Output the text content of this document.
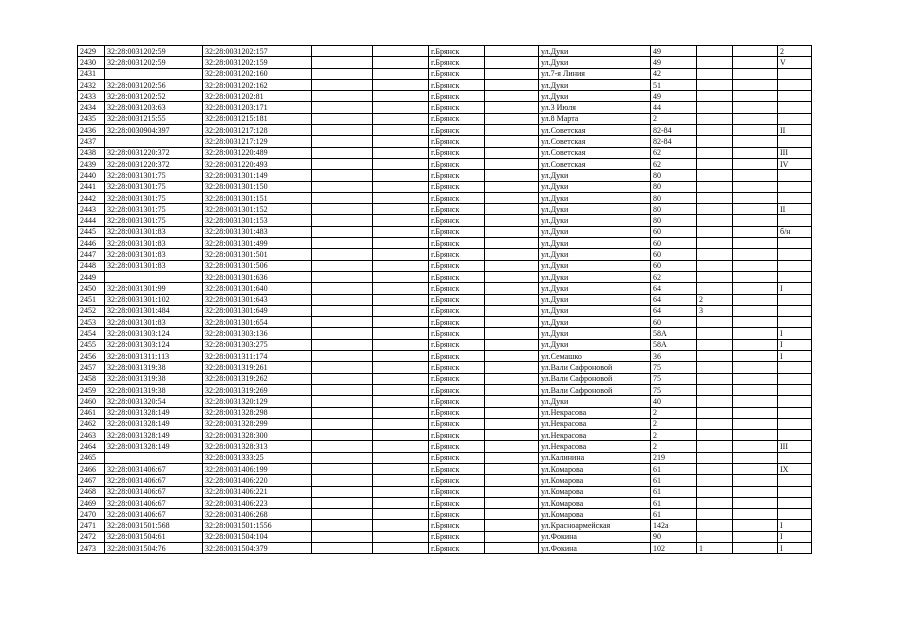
2429	32:28:0031202:59	32:28:0031202:157			г.Брянск		ул.Дуки	49			2
2430	32:28:0031202:59	32:28:0031202:159			г.Брянск		ул.Дуки	49			V
2431		32:28:0031202:160			г.Брянск		ул.7-я Линия	42			
2432	32:28:0031202:56	32:28:0031202:162			г.Брянск		ул.Дуки	51			
2433	32:28:0031202:52	32:28:0031202:81			г.Брянск		ул.Дуки	49			
2434	32:28:0031203:63	32:28:0031203:171			г.Брянск		ул.3 Июля	44			
2435	32:28:0031215:55	32:28:0031215:181			г.Брянск		ул.8 Марта	2			
2436	32:28:0030904:397	32:28:0031217:128			г.Брянск		ул.Советская	82-84			II
2437		32:28:0031217:129			г.Брянск		ул.Советская	82-84			
2438	32:28:0031220:372	32:28:0031220:489			г.Брянск		ул.Советская	62			III
2439	32:28:0031220:372	32:28:0031220:493			г.Брянск		ул.Советская	62			IV
2440	32:28:0031301:75	32:28:0031301:149			г.Брянск		ул.Дуки	80			
2441	32:28:0031301:75	32:28:0031301:150			г.Брянск		ул.Дуки	80			
2442	32:28:0031301:75	32:28:0031301:151			г.Брянск		ул.Дуки	80			
2443	32:28:0031301:75	32:28:0031301:152			г.Брянск		ул.Дуки	80			II
2444	32:28:0031301:75	32:28:0031301:153			г.Брянск		ул.Дуки	80			
2445	32:28:0031301:83	32:28:0031301:483			г.Брянск		ул.Дуки	60			б/н
2446	32:28:0031301:83	32:28:0031301:499			г.Брянск		ул.Дуки	60			
2447	32:28:0031301:83	32:28:0031301:501			г.Брянск		ул.Дуки	60			
2448	32:28:0031301:83	32:28:0031301:506			г.Брянск		ул.Дуки	60			
2449		32:28:0031301:636			г.Брянск		ул.Дуки	62			
2450	32:28:0031301:99	32:28:0031301:640			г.Брянск		ул.Дуки	64			I
2451	32:28:0031301:102	32:28:0031301:643			г.Брянск		ул.Дуки	64	2		
2452	32:28:0031301:484	32:28:0031301:649			г.Брянск		ул.Дуки	64	3		
2453	32:28:0031301:83	32:28:0031301:654			г.Брянск		ул.Дуки	60			
2454	32:28:0031303:124	32:28:0031303:136			г.Брянск		ул.Дуки	58А			I
2455	32:28:0031303:124	32:28:0031303:275			г.Брянск		ул.Дуки	58А			I
2456	32:28:0031311:113	32:28:0031311:174			г.Брянск		ул.Семашко	36			I
2457	32:28:0031319:38	32:28:0031319:261			г.Брянск		ул.Вали Сафроновой	75			
2458	32:28:0031319:38	32:28:0031319:262			г.Брянск		ул.Вали Сафроновой	75			
2459	32:28:0031319:38	32:28:0031319:269			г.Брянск		ул.Вали Сафроновой	75			
2460	32:28:0031320:54	32:28:0031320:129			г.Брянск		ул.Дуки	40			
2461	32:28:0031328:149	32:28:0031328:298			г.Брянск		ул.Некрасова	2			
2462	32:28:0031328:149	32:28:0031328:299			г.Брянск		ул.Некрасова	2			
2463	32:28:0031328:149	32:28:0031328:300			г.Брянск		ул.Некрасова	2			
2464	32:28:0031328:149	32:28:0031328:313			г.Брянск		ул.Некрасова	2			III
2465		32:28:0031333:25			г.Брянск		ул.Калинина	219			
2466	32:28:0031406:67	32:28:0031406:199			г.Брянск		ул.Комарова	61			IX
2467	32:28:0031406:67	32:28:0031406:220			г.Брянск		ул.Комарова	61			
2468	32:28:0031406:67	32:28:0031406:221			г.Брянск		ул.Комарова	61			
2469	32:28:0031406:67	32:28:0031406:223			г.Брянск		ул.Комарова	61			
2470	32:28:0031406:67	32:28:0031406:268			г.Брянск		ул.Комарова	61			
2471	32:28:0031501:568	32:28:0031501:1556			г.Брянск		ул.Красноармейская	142а			I
2472	32:28:0031504:61	32:28:0031504:104			г.Брянск		ул.Фокина	90			I
2473	32:28:0031504:76	32:28:0031504:379			г.Брянск		ул.Фокина	102	1		I
